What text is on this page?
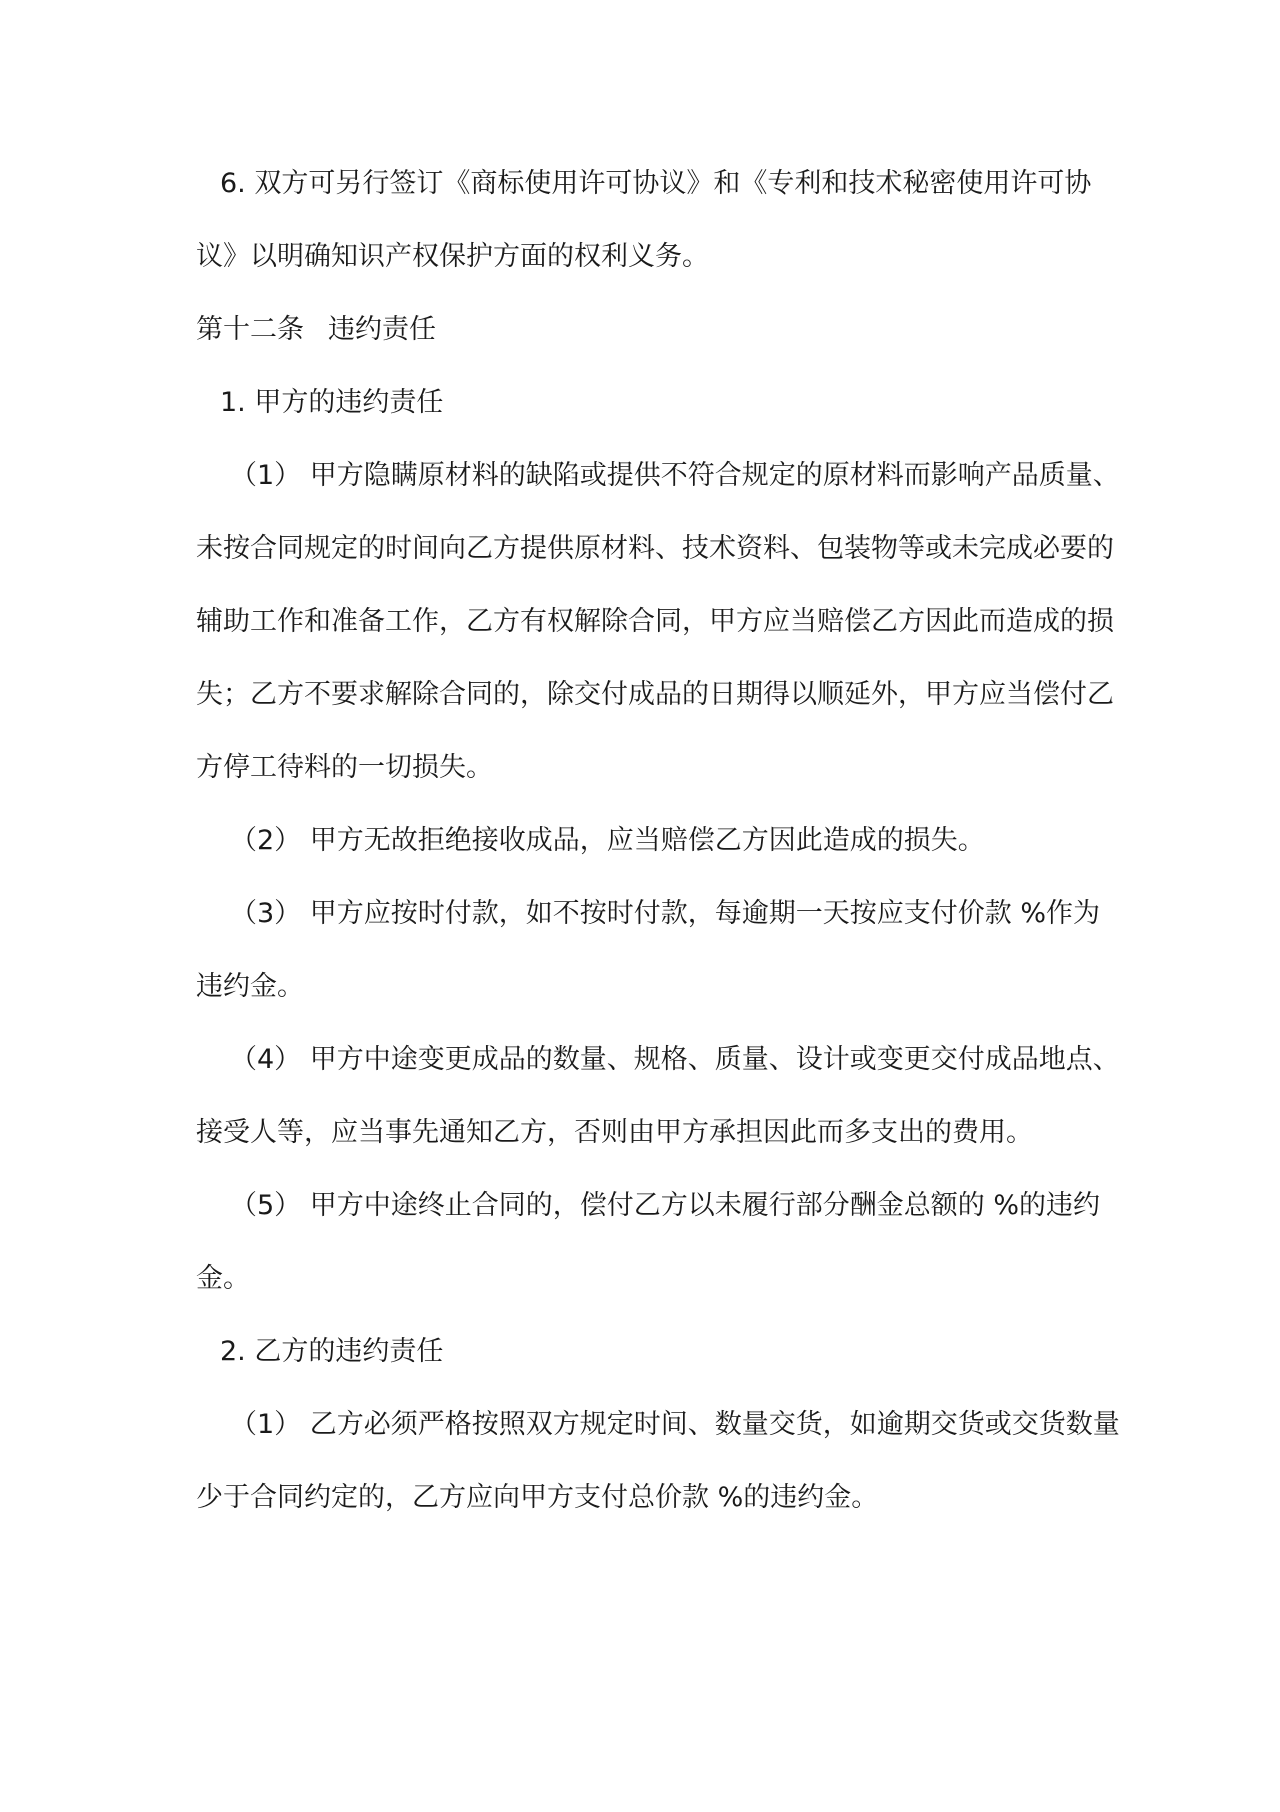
6. 双方可另行签订《商标使用许可协议》和《专利和技术秘密使用许可协
议》以明确知识产权保护方面的权利义务。
第十二条 违约责任
1. 甲方的违约责任
（1） 甲方隐瞒原材料的缺陷或提供不符合规定的原材料而影响产品质量、
未按合同规定的时间向乙方提供原材料、技术资料、包装物等或未完成必要的
辅助工作和准备工作，乙方有权解除合同，甲方应当赔偿乙方因此而造成的损
失；乙方不要求解除合同的，除交付成品的日期得以顺延外，甲方应当偿付乙
方停工待料的一切损失。
（2） 甲方无故拒绝接收成品，应当赔偿乙方因此造成的损失。
（3） 甲方应按时付款，如不按时付款，每逾期一天按应支付价款 %作为
违约金。
（4） 甲方中途变更成品的数量、规格、质量、设计或变更交付成品地点、
接受人等，应当事先通知乙方，否则由甲方承担因此而多支出的费用。
（5） 甲方中途终止合同的，偿付乙方以未履行部分酬金总额的 %的违约
金。
2. 乙方的违约责任
（1） 乙方必须严格按照双方规定时间、数量交货，如逾期交货或交货数量
少于合同约定的，乙方应向甲方支付总价款 %的违约金。
